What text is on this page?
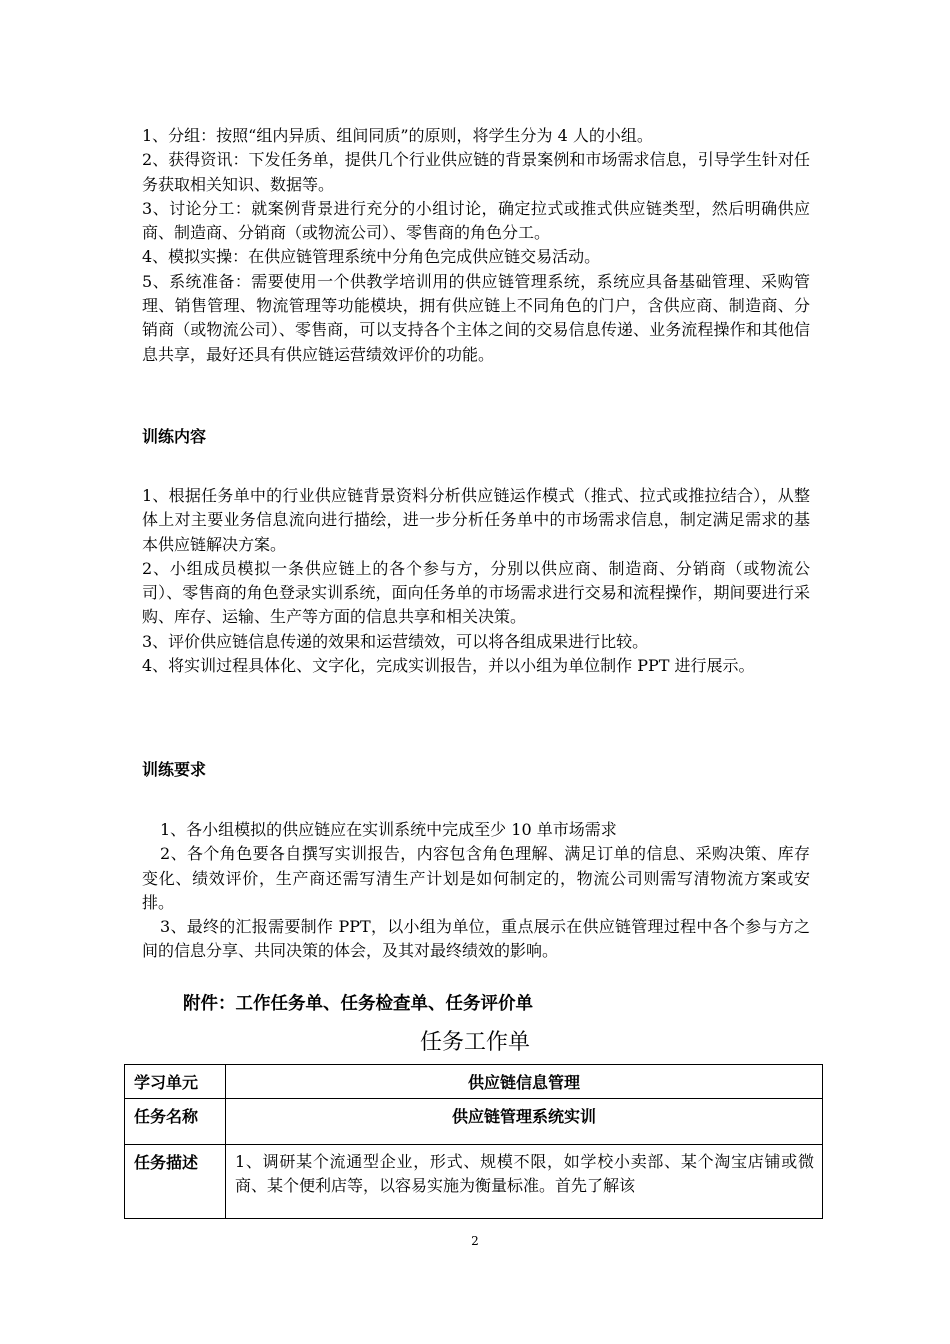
1、分组：按照“组内异质、组间同质”的原则，将学生分为 4 人的小组。

2、获得资讯：下发任务单，提供几个行业供应链的背景案例和市场需求信息，引导学生针对任务获取相关知识、数据等。

3、讨论分工：就案例背景进行充分的小组讨论，确定拉式或推式供应链类型，然后明确供应商、制造商、分销商（或物流公司）、零售商的角色分工。

4、模拟实操：在供应链管理系统中分角色完成供应链交易活动。

5、系统准备：需要使用一个供教学培训用的供应链管理系统，系统应具备基础管理、采购管理、销售管理、物流管理等功能模块，拥有供应链上不同角色的门户，含供应商、制造商、分销商（或物流公司）、零售商，可以支持各个主体之间的交易信息传递、业务流程操作和其他信息共享，最好还具有供应链运营绩效评价的功能。

训练内容

1、根据任务单中的行业供应链背景资料分析供应链运作模式（推式、拉式或推拉结合），从整体上对主要业务信息流向进行描绘，进一步分析任务单中的市场需求信息，制定满足需求的基本供应链解决方案。

2、小组成员模拟一条供应链上的各个参与方，分别以供应商、制造商、分销商（或物流公司）、零售商的角色登录实训系统，面向任务单的市场需求进行交易和流程操作，期间要进行采购、库存、运输、生产等方面的信息共享和相关决策。

3、评价供应链信息传递的效果和运营绩效，可以将各组成果进行比较。

4、将实训过程具体化、文字化，完成实训报告，并以小组为单位制作 PPT 进行展示。

训练要求

1、各小组模拟的供应链应在实训系统中完成至少 10 单市场需求

2、各个角色要各自撰写实训报告，内容包含角色理解、满足订单的信息、采购决策、库存变化、绩效评价，生产商还需写清生产计划是如何制定的，物流公司则需写清物流方案或安排。

3、最终的汇报需要制作 PPT，以小组为单位，重点展示在供应链管理过程中各个参与方之间的信息分享、共同决策的体会，及其对最终绩效的影响。

附件：工作任务单、任务检查单、任务评价单
任务工作单
学习单元	供应链信息管理
任务名称	供应链管理系统实训
任务描述	1、调研某个流通型企业，形式、规模不限，如学校小卖部、某个淘宝店铺或微商、某个便利店等，以容易实施为衡量标准。首先了解该
2
